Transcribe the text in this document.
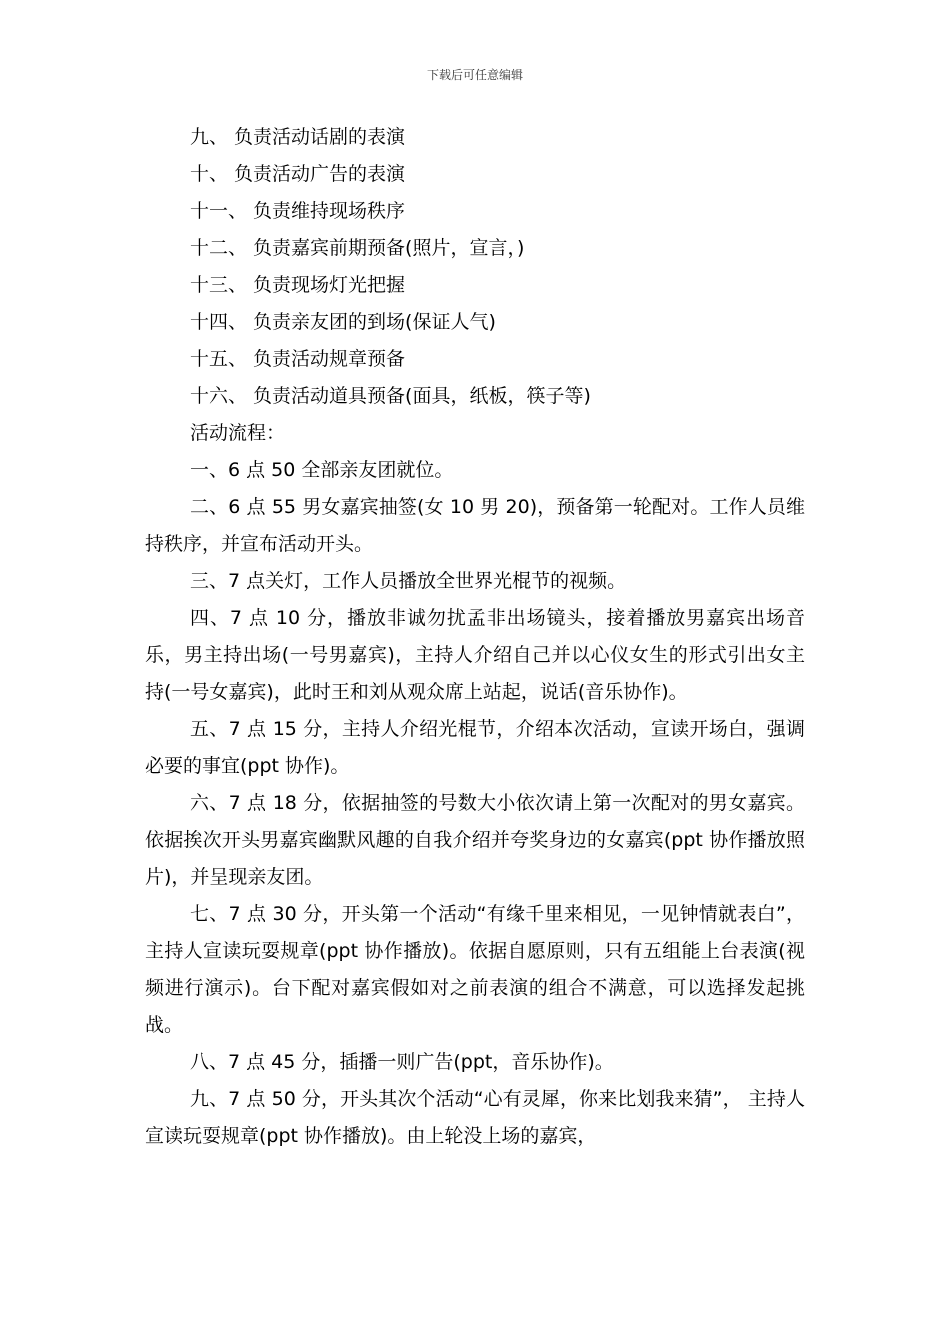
下载后可任意编辑

九、 负责活动话剧的表演

十、 负责活动广告的表演

十一、 负责维持现场秩序

十二、 负责嘉宾前期预备(照片，宣言，)

十三、 负责现场灯光把握

十四、 负责亲友团的到场(保证人气)

十五、 负责活动规章预备

十六、 负责活动道具预备(面具，纸板，筷子等)

活动流程：

一、6 点 50 全部亲友团就位。

二、6 点 55 男女嘉宾抽签(女 10 男 20)，预备第一轮配对。工作人员维持秩序，并宣布活动开头。

三、7 点关灯，工作人员播放全世界光棍节的视频。

四、7 点 10 分，播放非诚勿扰孟非出场镜头，接着播放男嘉宾出场音乐，男主持出场(一号男嘉宾)，主持人介绍自己并以心仪女生的形式引出女主持(一号女嘉宾)，此时王和刘从观众席上站起，说话(音乐协作)。

五、7 点 15 分，主持人介绍光棍节，介绍本次活动，宣读开场白，强调必要的事宜(ppt 协作)。

六、7 点 18 分，依据抽签的号数大小依次请上第一次配对的男女嘉宾。依据挨次开头男嘉宾幽默风趣的自我介绍并夸奖身边的女嘉宾(ppt 协作播放照片)，并呈现亲友团。

七、7 点 30 分，开头第一个活动“有缘千里来相见，一见钟情就表白”，主持人宣读玩耍规章(ppt 协作播放)。依据自愿原则，只有五组能上台表演(视频进行演示)。台下配对嘉宾假如对之前表演的组合不满意，可以选择发起挑战。

八、7 点 45 分，插播一则广告(ppt，音乐协作)。

九、7 点 50 分，开头其次个活动“心有灵犀，你来比划我来猜”， 主持人宣读玩耍规章(ppt 协作播放)。由上轮没上场的嘉宾，
